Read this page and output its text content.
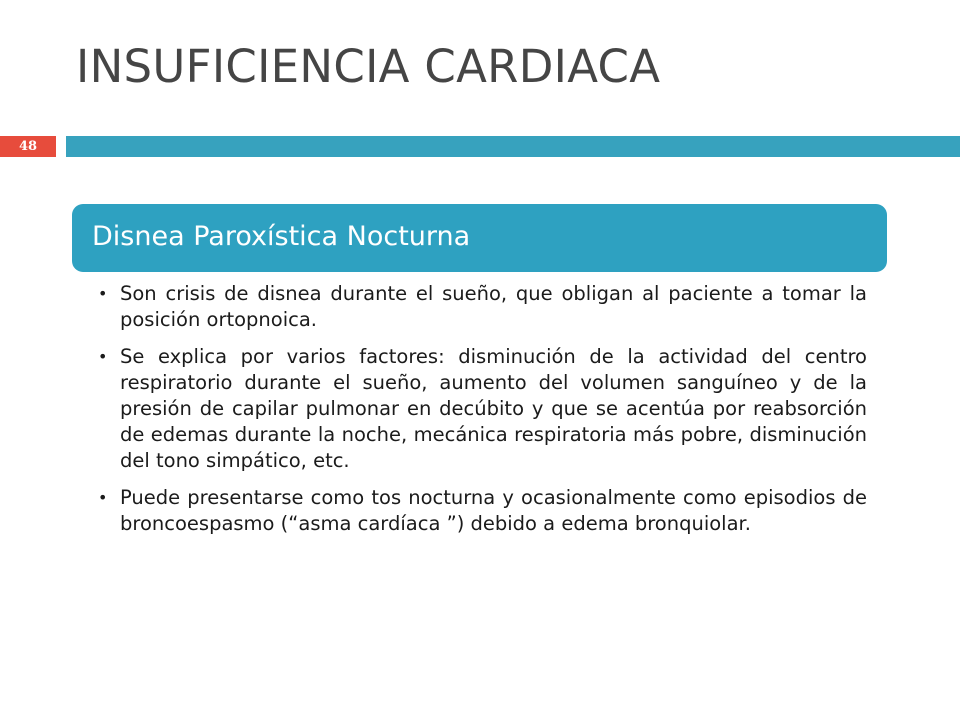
INSUFICIENCIA CARDIACA
48
Disnea Paroxística Nocturna
• Son crisis de disnea durante el sueño, que obligan al paciente a tomar la posición ortopnoica.
• Se explica por varios factores: disminución de la actividad del centro respiratorio durante el sueño, aumento del volumen sanguíneo y de la presión de capilar pulmonar en decúbito y que se acentúa por reabsorción de edemas durante la noche, mecánica respiratoria más pobre, disminución del tono simpático, etc.
• Puede presentarse como tos nocturna y ocasionalmente como episodios de broncoespasmo (“asma cardíaca ”) debido a edema bronquiolar.
